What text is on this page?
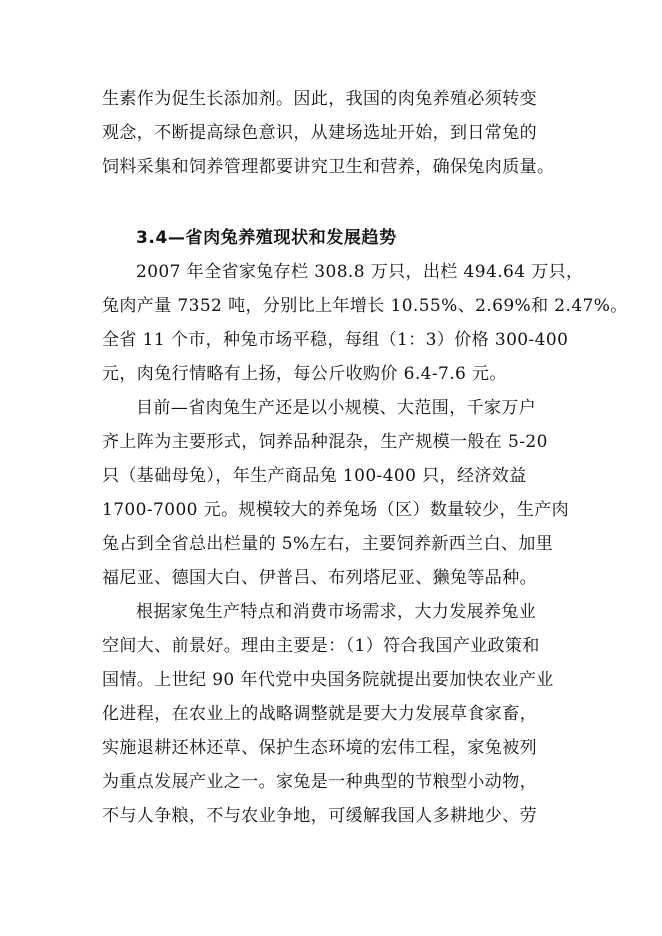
生素作为促生长添加剂。因此，我国的肉兔养殖必须转变
观念，不断提高绿色意识，从建场选址开始，到日常兔的
饲料采集和饲养管理都要讲究卫生和营养，确保兔肉质量。
3.4—省肉兔养殖现状和发展趋势
2007 年全省家兔存栏 308.8 万只，出栏 494.64 万只，
兔肉产量 7352 吨，分别比上年增长 10.55%、2.69%和 2.47%。
全省 11 个市，种兔市场平稳，每组（1：3）价格 300-400
元，肉兔行情略有上扬，每公斤收购价 6.4-7.6 元。
目前—省肉兔生产还是以小规模、大范围，千家万户
齐上阵为主要形式，饲养品种混杂，生产规模一般在 5-20
只（基础母兔），年生产商品兔 100-400 只，经济效益
1700-7000 元。规模较大的养兔场（区）数量较少，生产肉
兔占到全省总出栏量的 5%左右，主要饲养新西兰白、加里
福尼亚、德国大白、伊普吕、布列塔尼亚、獭兔等品种。
根据家兔生产特点和消费市场需求，大力发展养兔业
空间大、前景好。理由主要是：（1）符合我国产业政策和
国情。上世纪 90 年代党中央国务院就提出要加快农业产业
化进程，在农业上的战略调整就是要大力发展草食家畜，
实施退耕还林还草、保护生态环境的宏伟工程，家兔被列
为重点发展产业之一。家兔是一种典型的节粮型小动物，
不与人争粮，不与农业争地，可缓解我国人多耕地少、劳
